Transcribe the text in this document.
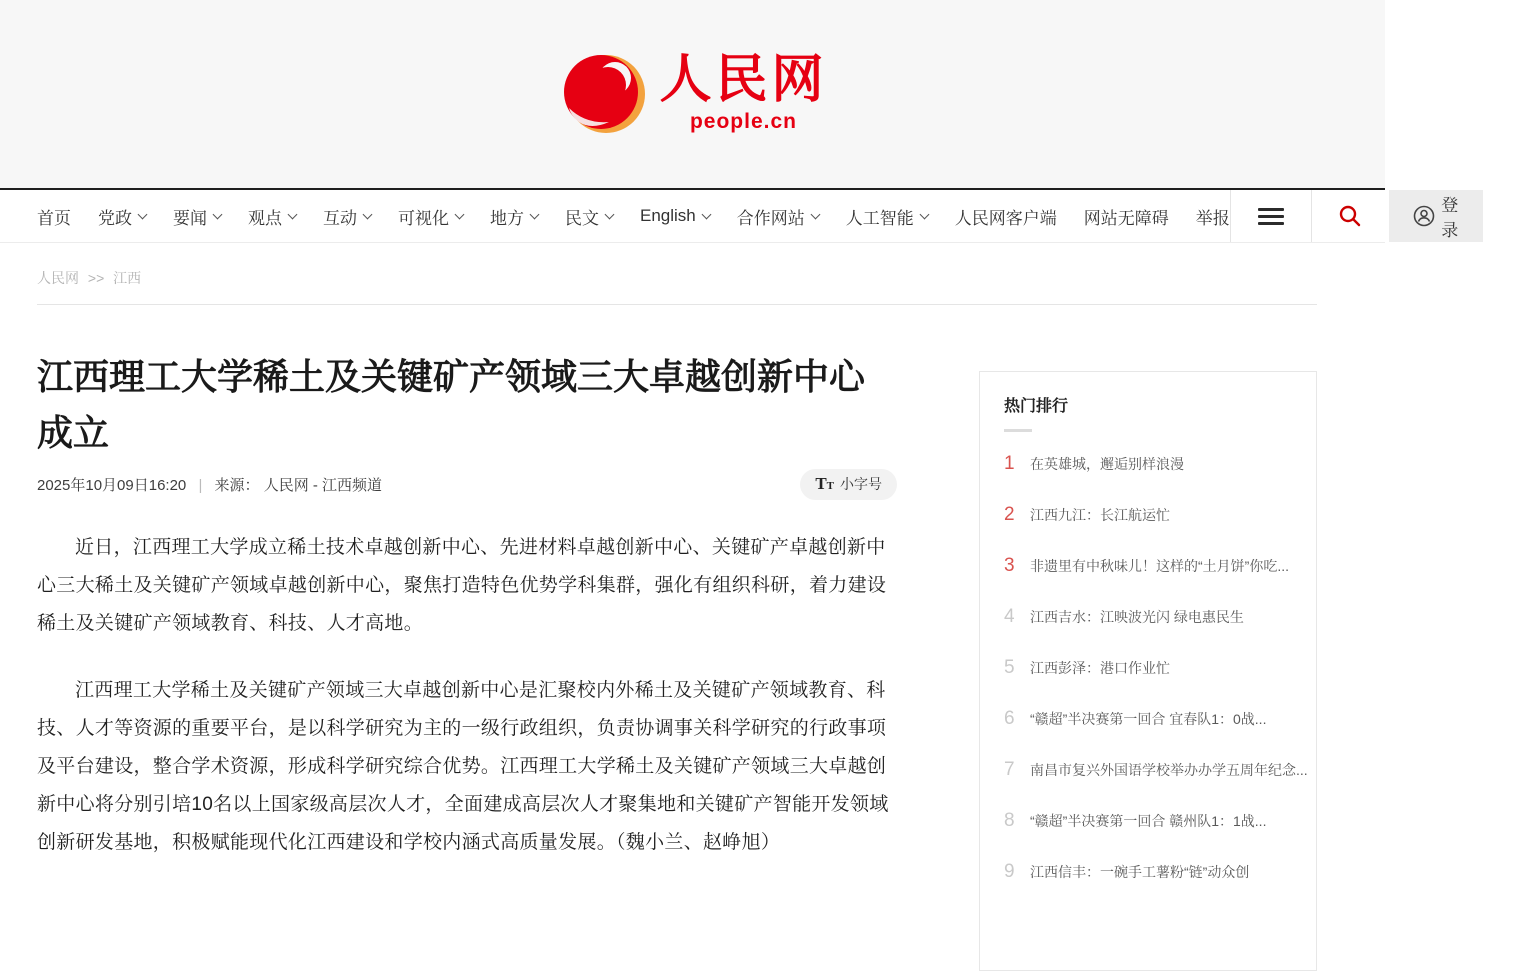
人民网
people.cn
首页 党政 要闻 观点 互动 可视化 地方 民文 English 合作网站 人工智能 人民网客户端 网站无障碍 举报
登录
人民网 >> 江西
江西理工大学稀土及关键矿产领域三大卓越创新中心成立
2025年10月09日16:20 | 来源： 人民网 - 江西频道	TT 小字号

近日，江西理工大学成立稀土技术卓越创新中心、先进材料卓越创新中心、关键矿产卓越创新中心三大稀土及关键矿产领域卓越创新中心，聚焦打造特色优势学科集群，强化有组织科研，着力建设稀土及关键矿产领域教育、科技、人才高地。

江西理工大学稀土及关键矿产领域三大卓越创新中心是汇聚校内外稀土及关键矿产领域教育、科技、人才等资源的重要平台，是以科学研究为主的一级行政组织，负责协调事关科学研究的行政事项及平台建设，整合学术资源，形成科学研究综合优势。江西理工大学稀土及关键矿产领域三大卓越创新中心将分别引培10名以上国家级高层次人才，全面建成高层次人才聚集地和关键矿产智能开发领域创新研发基地，积极赋能现代化江西建设和学校内涵式高质量发展。（魏小兰、赵峥旭）

热门排行
1	在英雄城，邂逅别样浪漫
2	江西九江：长江航运忙
3	非遗里有中秋味儿！这样的“土月饼”你吃...
4	江西吉水：江映波光闪 绿电惠民生
5	江西彭泽：港口作业忙
6	“赣超”半决赛第一回合 宜春队1：0战...
7	南昌市复兴外国语学校举办办学五周年纪念...
8	“赣超”半决赛第一回合 赣州队1：1战...
9	江西信丰：一碗手工薯粉“链”动众创
